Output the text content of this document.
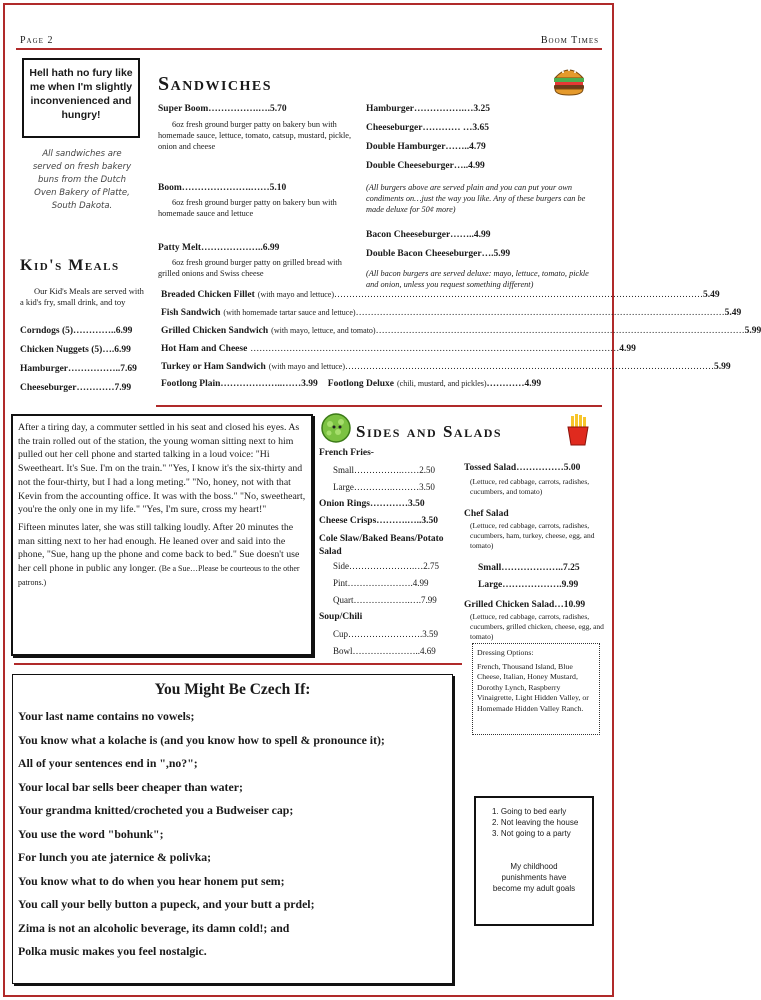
Page 2	Boom Times
Hell hath no fury like me when I'm slightly inconvenienced and hungry!
All sandwiches are served on fresh bakery buns from the Dutch Oven Bakery of Platte, South Dakota.
Kid's Meals
Our Kid's Meals are served with a kid's fry, small drink, and toy
Corndogs (5)…………..6.99
Chicken Nuggets (5)….6.99
Hamburger……………..7.69
Cheeseburger…………7.99
Sandwiches
Super Boom…………….….5.70
6oz fresh ground burger patty on bakery bun with homemade sauce, lettuce, tomato, catsup, mustard, pickle, onion and cheese
Boom………………….……5.10
6oz fresh ground burger patty on bakery bun with homemade sauce and lettuce
Patty Melt………………..6.99
6oz fresh ground burger patty on grilled bread with grilled onions and Swiss cheese
Hamburger…………….…3.25
Cheeseburger………… …3.65
Double Hamburger……..4.79
Double Cheeseburger…..4.99
(All burgers above are served plain and you can put your own condiments on…just the way you like. Any of these burgers can be made deluxe for 50¢ more)
Bacon Cheeseburger……..4.99
Double Bacon Cheeseburger….5.99
(All bacon burgers are served deluxe: mayo, lettuce, tomato, pickle and onion, unless you request something different)
Breaded Chicken Fillet (with mayo and lettuce) …………………………………………………………………………………………………………… 5.49
Fish Sandwich (with homemade tartar sauce and lettuce) …………………………………………………………………………………………………………… 5.49
Grilled Chicken Sandwich (with mayo, lettuce, and tomato) …………………………………………………………………………………………………………… 5.99
Hot Ham and Cheese …………………………………………………………………………………………………………… 4.99
Turkey or Ham Sandwich (with mayo and lettuce) …………………………………………………………………………………………………………… 5.99
Footlong Plain………………..……3.99 Footlong Deluxe (chili, mustard, and pickles) …………4.99
After a tiring day, a commuter settled in his seat and closed his eyes. As the train rolled out of the station, the young woman sitting next to him pulled out her cell phone and started talking in a loud voice: "Hi Sweetheart. It's Sue. I'm on the train." "Yes, I know it's the six-thirty and not the four-thirty, but I had a long meting." "No, honey, not with that Kevin from the accounting office. It was with the boss." "No, sweetheart, you're the only one in my life." "Yes, I'm sure, cross my heart!"
Fifteen minutes later, she was still talking loudly. After 20 minutes the man sitting next to her had enough. He leaned over and said into the phone, "Sue, hang up the phone and come back to bed." Sue doesn't use her cell phone in public any longer. (Be a Sue…Please be courteous to the other patrons.)
Sides and Salads
French Fries-
Small…………….……2.50
Large………….………3.50
Onion Rings…………3.50
Cheese Crisps……….…..3.50
Cole Slaw/Baked Beans/Potato Salad
Side………………….…2.75
Pint………………….4.99
Quart……………….….7.99
Soup/Chili
Cup…………………….3.59
Bowl…………………..4.69
Tossed Salad……………5.00
(Lettuce, red cabbage, carrots, radishes, cucumbers, and tomato)
Chef Salad
(Lettuce, red cabbage, carrots, radishes, cucumbers, ham, turkey, cheese, egg, and tomato)
Small………………..7.25
Large……………….9.99
Grilled Chicken Salad…10.99
(Lettuce, red cabbage, carrots, radishes, cucumbers, grilled chicken, cheese, egg, and tomato)
Dressing Options:
French, Thousand Island, Blue Cheese, Italian, Honey Mustard, Dorothy Lynch, Raspberry Vinaigrette, Light Hidden Valley, or Homemade Hidden Valley Ranch.
You Might Be Czech If:
Your last name contains no vowels;
You know what a kolache is (and you know how to spell & pronounce it);
All of your sentences end in ",no?";
Your local bar sells beer cheaper than water;
Your grandma knitted/crocheted you a Budweiser cap;
You use the word "bohunk";
For lunch you ate jaternice & polivka;
You know what to do when you hear honem put sem;
You call your belly button a pupeck, and your butt a prdel;
Zima is not an alcoholic beverage, its damn cold!; and
Polka music makes you feel nostalgic.
1. Going to bed early
2. Not leaving the house
3. Not going to a party
My childhood punishments have become my adult goals
